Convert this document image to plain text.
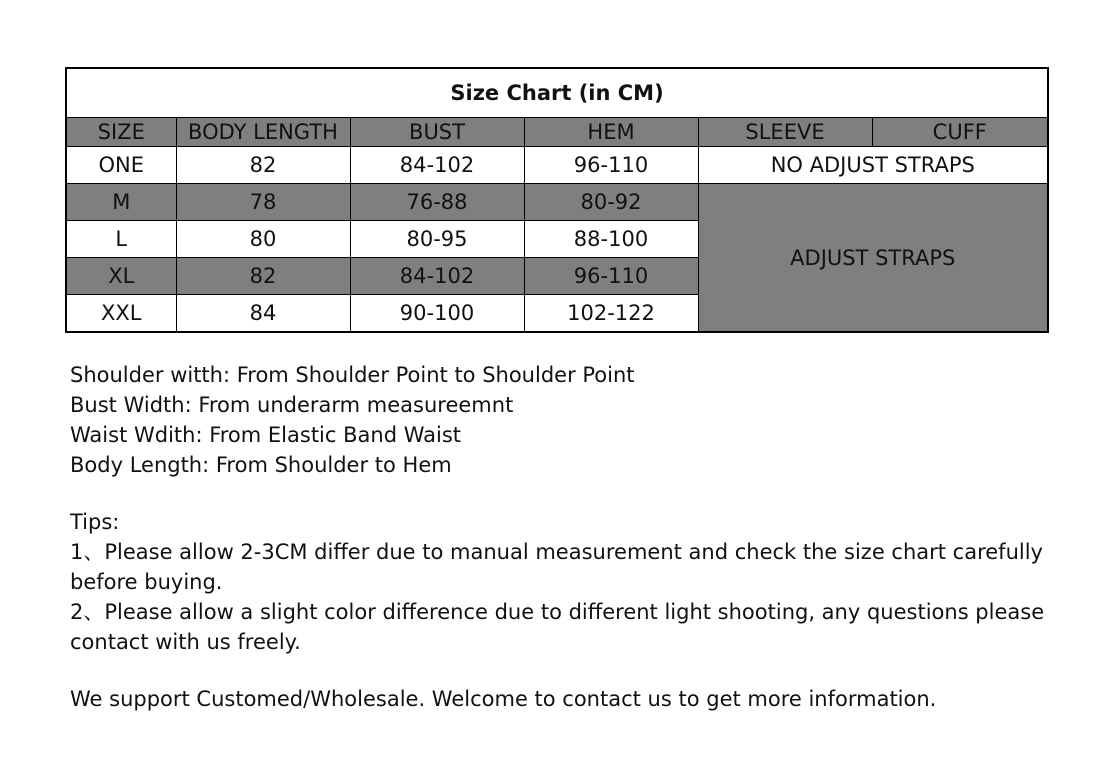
Size Chart (in CM)					
SIZE	BODY LENGTH	BUST	HEM	SLEEVE	CUFF
ONE	82	84-102	96-110	NO ADJUST STRAPS	
M	78	76-88	80-92	ADJUST STRAPS	
L	80	80-95	88-100		
XL	82	84-102	96-110		
XXL	84	90-100	102-122		

Shoulder witth: From Shoulder Point to Shoulder Point

Bust Width: From underarm measureemnt

Waist Wdith: From Elastic Band Waist

Body Length: From Shoulder to Hem

Tips:

1、Please allow 2-3CM differ due to manual measurement and check the size chart carefully before buying.

2、Please allow a slight color difference due to different light shooting, any questions please contact with us freely.

We support Customed/Wholesale. Welcome to contact us to get more information.
